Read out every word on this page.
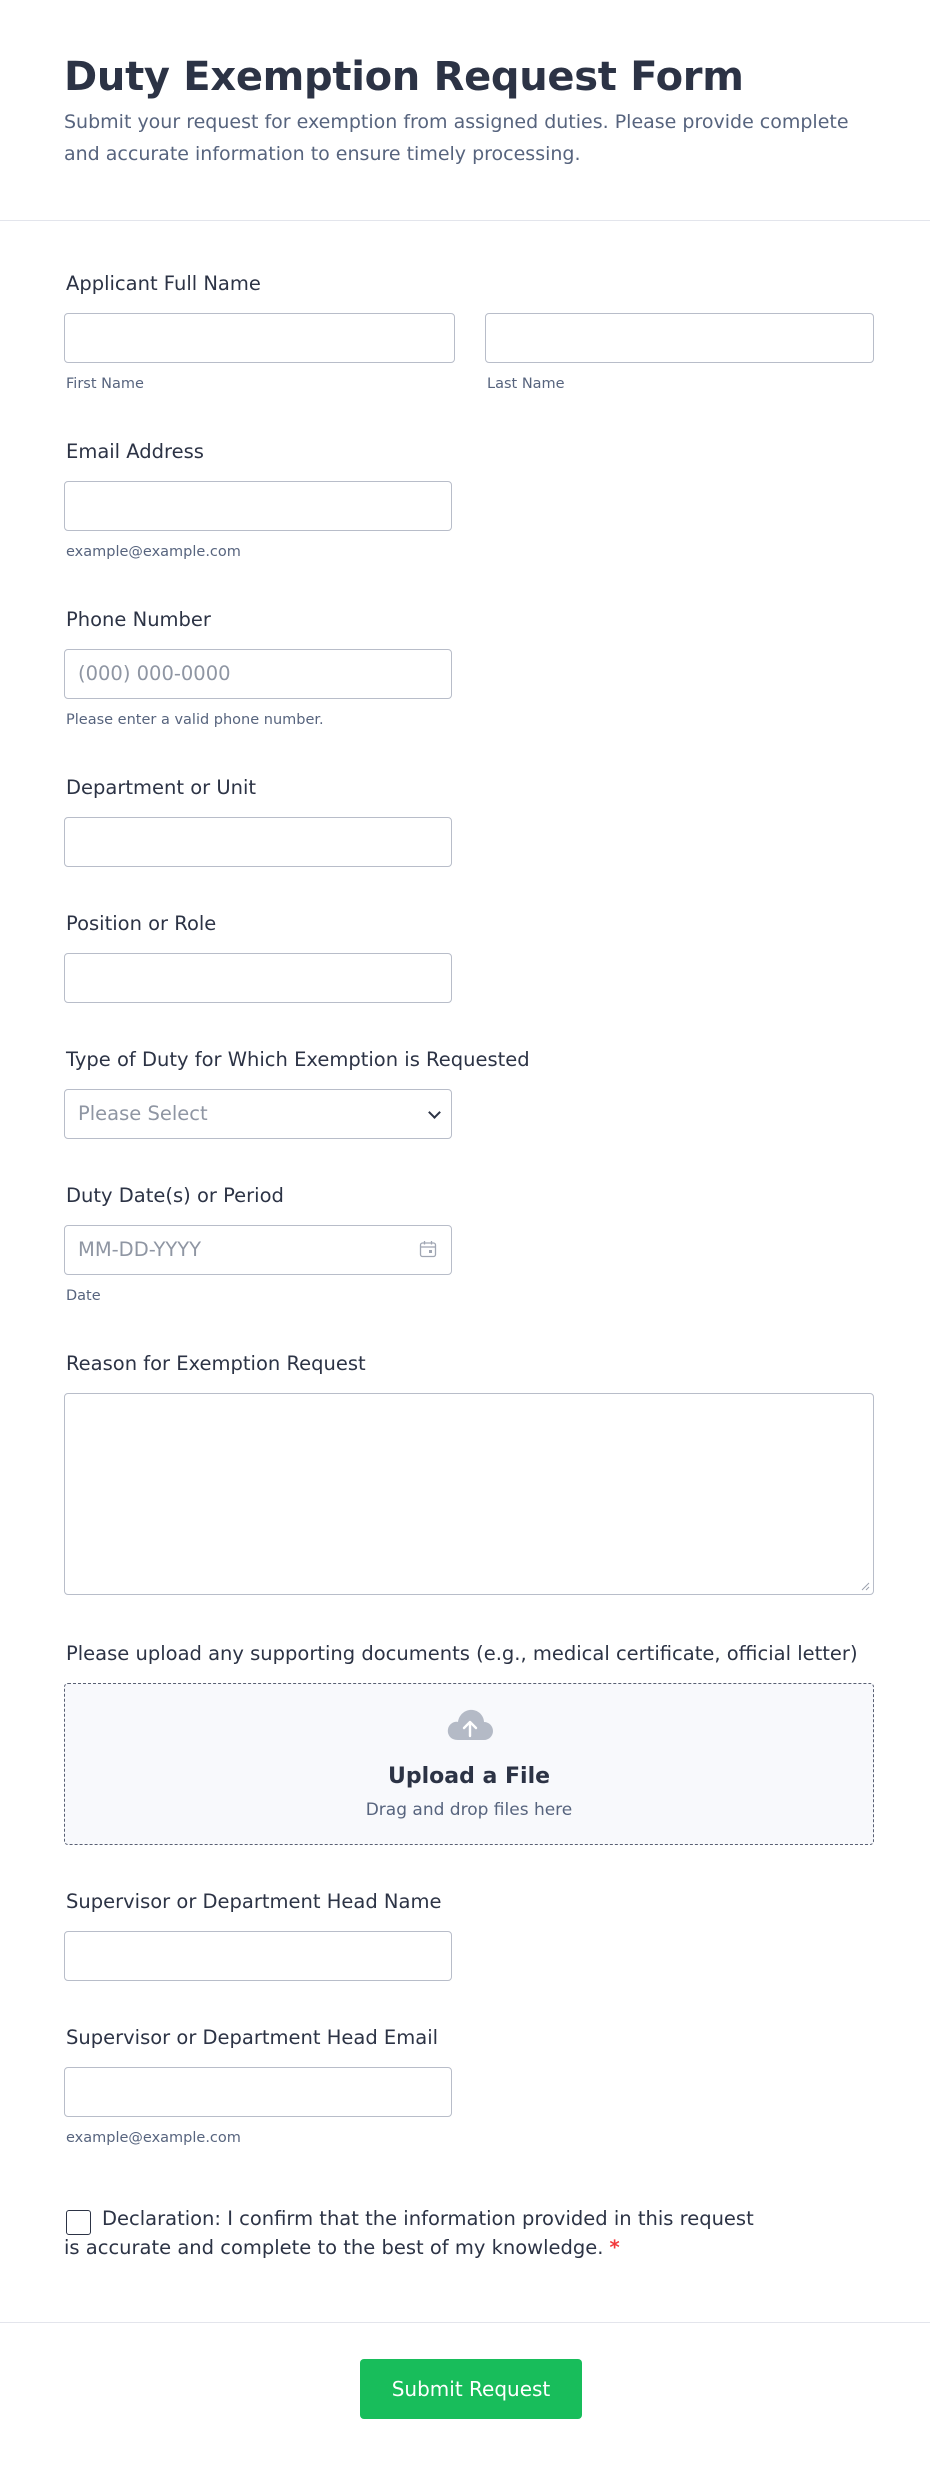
Duty Exemption Request Form

Submit your request for exemption from assigned duties. Please provide complete and accurate information to ensure timely processing.

Applicant Full Name
First Name	Last Name
Email Address
example@example.com
Phone Number
(000) 000-0000
Please enter a valid phone number.
Department or Unit
Position or Role
Type of Duty for Which Exemption is Requested
Please Select
Duty Date(s) or Period
MM-DD-YYYY
Date
Reason for Exemption Request
Please upload any supporting documents (e.g., medical certificate, official letter)
Upload a File
Drag and drop files here
Supervisor or Department Head Name
Supervisor or Department Head Email
example@example.com

Declaration: I confirm that the information provided in this request is accurate and complete to the best of my knowledge. *

Submit Request
